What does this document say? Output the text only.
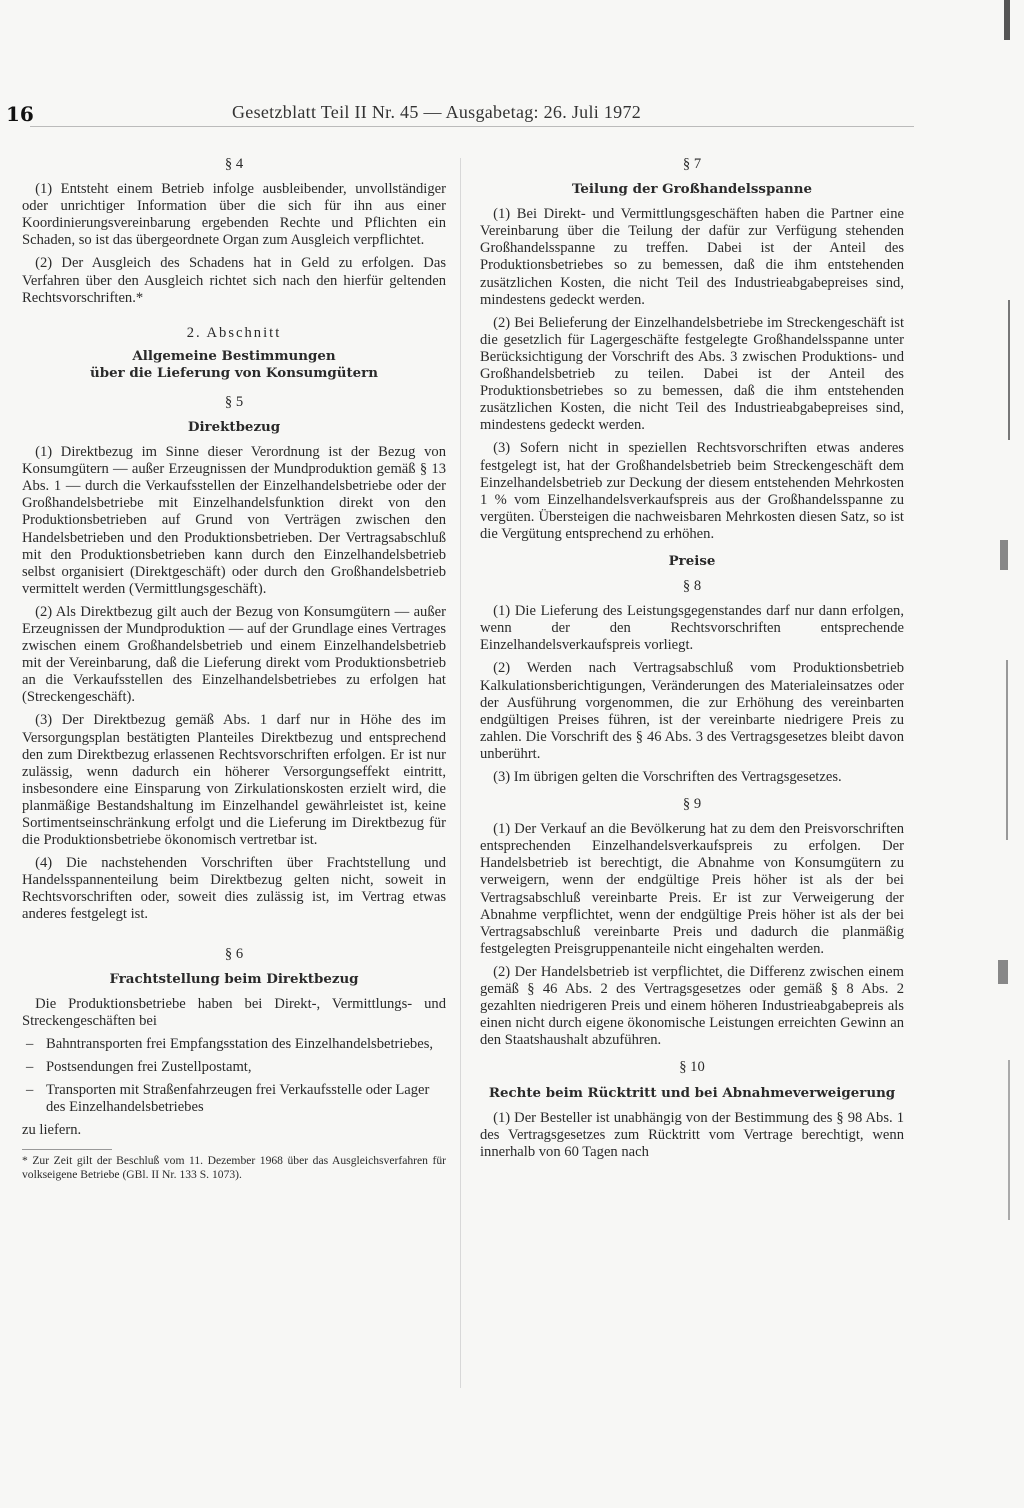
16	Gesetzblatt Teil II Nr. 45 — Ausgabetag: 26. Juli 1972
§ 4

(1) Entsteht einem Betrieb infolge ausbleibender, unvollständiger oder unrichtiger Information über die sich für ihn aus einer Koordinierungsvereinbarung ergebenden Rechte und Pflichten ein Schaden, so ist das übergeordnete Organ zum Ausgleich verpflichtet.

(2) Der Ausgleich des Schadens hat in Geld zu erfolgen. Das Verfahren über den Ausgleich richtet sich nach den hierfür geltenden Rechtsvorschriften.*

2. Abschnitt
Allgemeine Bestimmungen
über die Lieferung von Konsumgütern
§ 5
Direktbezug

(1) Direktbezug im Sinne dieser Verordnung ist der Bezug von Konsumgütern — außer Erzeugnissen der Mundproduktion gemäß § 13 Abs. 1 — durch die Verkaufsstellen der Einzelhandelsbetriebe oder der Großhandelsbetriebe mit Einzelhandelsfunktion direkt von den Produktionsbetrieben auf Grund von Verträgen zwischen den Handelsbetrieben und den Produktionsbetrieben. Der Vertragsabschluß mit den Produktionsbetrieben kann durch den Einzelhandelsbetrieb selbst organisiert (Direktgeschäft) oder durch den Großhandelsbetrieb vermittelt werden (Vermittlungsgeschäft).

(2) Als Direktbezug gilt auch der Bezug von Konsumgütern — außer Erzeugnissen der Mundproduktion — auf der Grundlage eines Vertrages zwischen einem Großhandelsbetrieb und einem Einzelhandelsbetrieb mit der Vereinbarung, daß die Lieferung direkt vom Produktionsbetrieb an die Verkaufsstellen des Einzelhandelsbetriebes zu erfolgen hat (Streckengeschäft).

(3) Der Direktbezug gemäß Abs. 1 darf nur in Höhe des im Versorgungsplan bestätigten Planteiles Direktbezug und entsprechend den zum Direktbezug erlassenen Rechtsvorschriften erfolgen. Er ist nur zulässig, wenn dadurch ein höherer Versorgungseffekt eintritt, insbesondere eine Einsparung von Zirkulationskosten erzielt wird, die planmäßige Bestandshaltung im Einzelhandel gewährleistet ist, keine Sortimentseinschränkung erfolgt und die Lieferung im Direktbezug für die Produktionsbetriebe ökonomisch vertretbar ist.

(4) Die nachstehenden Vorschriften über Frachtstellung und Handelsspannenteilung beim Direktbezug gelten nicht, soweit in Rechtsvorschriften oder, soweit dies zulässig ist, im Vertrag etwas anderes festgelegt ist.

§ 6
Frachtstellung beim Direktbezug

Die Produktionsbetriebe haben bei Direkt-, Vermittlungs- und Streckengeschäften bei

– Bahntransporten frei Empfangsstation des Einzelhandelsbetriebes,
– Postsendungen frei Zustellpostamt,
– Transporten mit Straßenfahrzeugen frei Verkaufsstelle oder Lager des Einzelhandelsbetriebes
zu liefern.
* Zur Zeit gilt der Beschluß vom 11. Dezember 1968 über das Ausgleichsverfahren für volkseigene Betriebe (GBl. II Nr. 133 S. 1073).
§ 7
Teilung der Großhandelsspanne

(1) Bei Direkt- und Vermittlungsgeschäften haben die Partner eine Vereinbarung über die Teilung der dafür zur Verfügung stehenden Großhandelsspanne zu treffen. Dabei ist der Anteil des Produktionsbetriebes so zu bemessen, daß die ihm entstehenden zusätzlichen Kosten, die nicht Teil des Industrieabgabepreises sind, mindestens gedeckt werden.

(2) Bei Belieferung der Einzelhandelsbetriebe im Streckengeschäft ist die gesetzlich für Lagergeschäfte festgelegte Großhandelsspanne unter Berücksichtigung der Vorschrift des Abs. 3 zwischen Produktions- und Großhandelsbetrieb zu teilen. Dabei ist der Anteil des Produktionsbetriebes so zu bemessen, daß die ihm entstehenden zusätzlichen Kosten, die nicht Teil des Industrieabgabepreises sind, mindestens gedeckt werden.

(3) Sofern nicht in speziellen Rechtsvorschriften etwas anderes festgelegt ist, hat der Großhandelsbetrieb beim Streckengeschäft dem Einzelhandelsbetrieb zur Deckung der diesem entstehenden Mehrkosten 1 % vom Einzelhandelsverkaufspreis aus der Großhandelsspanne zu vergüten. Übersteigen die nachweisbaren Mehrkosten diesen Satz, so ist die Vergütung entsprechend zu erhöhen.

Preise
§ 8

(1) Die Lieferung des Leistungsgegenstandes darf nur dann erfolgen, wenn der den Rechtsvorschriften entsprechende Einzelhandelsverkaufspreis vorliegt.

(2) Werden nach Vertragsabschluß vom Produktionsbetrieb Kalkulationsberichtigungen, Veränderungen des Materialeinsatzes oder der Ausführung vorgenommen, die zur Erhöhung des vereinbarten endgültigen Preises führen, ist der vereinbarte niedrigere Preis zu zahlen. Die Vorschrift des § 46 Abs. 3 des Vertragsgesetzes bleibt davon unberührt.

(3) Im übrigen gelten die Vorschriften des Vertragsgesetzes.

§ 9

(1) Der Verkauf an die Bevölkerung hat zu dem den Preisvorschriften entsprechenden Einzelhandelsverkaufspreis zu erfolgen. Der Handelsbetrieb ist berechtigt, die Abnahme von Konsumgütern zu verweigern, wenn der endgültige Preis höher ist als der bei Vertragsabschluß vereinbarte Preis. Er ist zur Verweigerung der Abnahme verpflichtet, wenn der endgültige Preis höher ist als der bei Vertragsabschluß vereinbarte Preis und dadurch die planmäßig festgelegten Preisgruppenanteile nicht eingehalten werden.

(2) Der Handelsbetrieb ist verpflichtet, die Differenz zwischen einem gemäß § 46 Abs. 2 des Vertragsgesetzes oder gemäß § 8 Abs. 2 gezahlten niedrigeren Preis und einem höheren Industrieabgabepreis als einen nicht durch eigene ökonomische Leistungen erreichten Gewinn an den Staatshaushalt abzuführen.

§ 10
Rechte beim Rücktritt und bei Abnahmeverweigerung

(1) Der Besteller ist unabhängig von der Bestimmung des § 98 Abs. 1 des Vertragsgesetzes zum Rücktritt vom Vertrage berechtigt, wenn innerhalb von 60 Tagen nach
